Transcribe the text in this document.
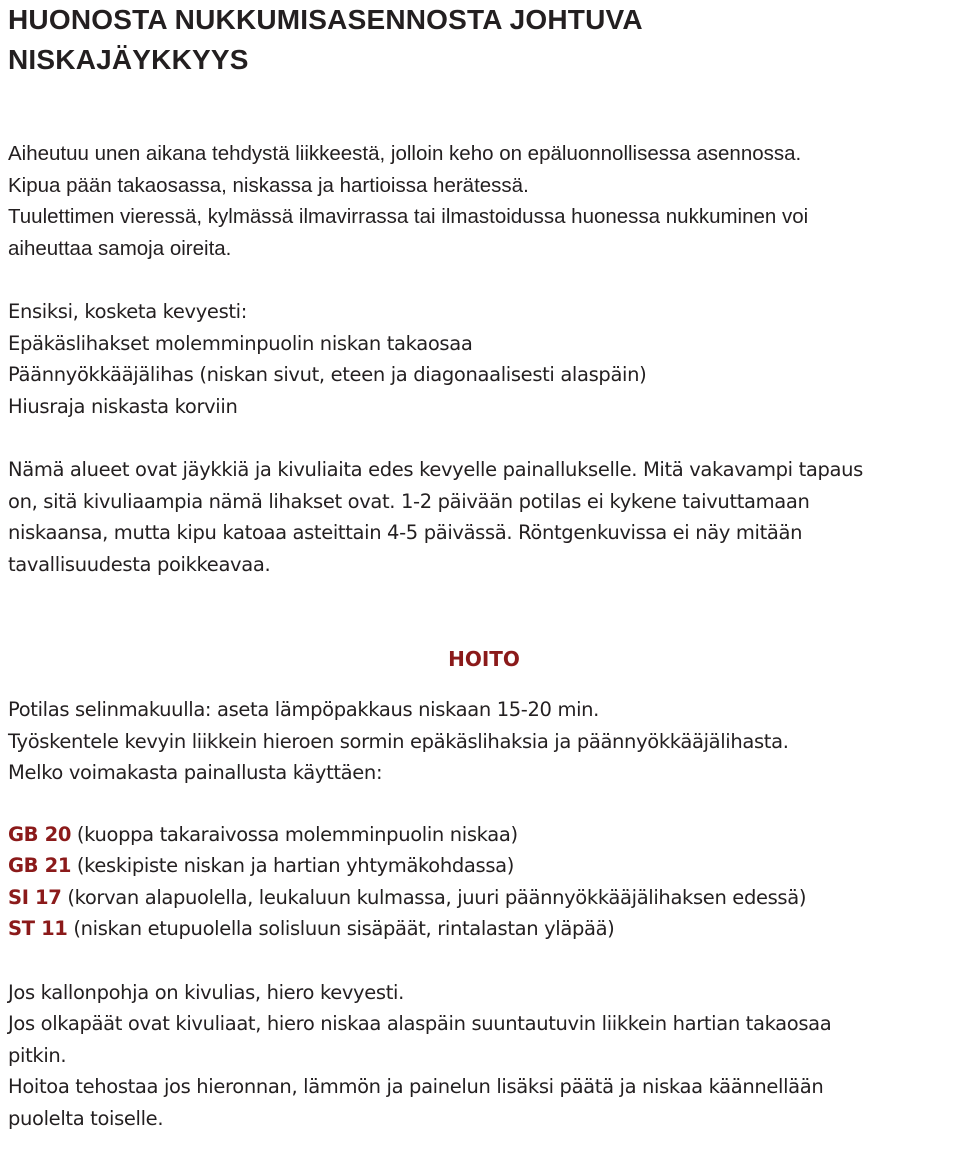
HUONOSTA NUKKUMISASENNOSTA JOHTUVA
NISKAJÄYKKYYS
Aiheutuu unen aikana tehdystä liikkeestä, jolloin keho on epäluonnollisessa asennossa.
Kipua pään takaosassa, niskassa ja hartioissa herätessä.
Tuulettimen vieressä, kylmässä ilmavirrassa tai ilmastoidussa huonessa nukkuminen voi
aiheuttaa samoja oireita.
Ensiksi, kosketa kevyesti:
Epäkäslihakset molemminpuolin niskan takaosaa
Päännyökkääjälihas (niskan sivut, eteen ja diagonaalisesti alaspäin)
Hiusraja niskasta korviin
Nämä alueet ovat jäykkiä ja kivuliaita edes kevyelle painallukselle. Mitä vakavampi tapaus
on, sitä kivuliaampia nämä lihakset ovat. 1-2 päivään potilas ei kykene taivuttamaan
niskaansa, mutta kipu katoaa asteittain 4-5 päivässä. Röntgenkuvissa ei näy mitään
tavallisuudesta poikkeavaa.
HOITO
Potilas selinmakuulla: aseta lämpöpakkaus niskaan 15-20 min.
Työskentele kevyin liikkein hieroen sormin epäkäslihaksia ja päännyökkääjälihasta.
Melko voimakasta painallusta käyttäen:
GB 20 (kuoppa takaraivossa molemminpuolin niskaa)
GB 21 (keskipiste niskan ja hartian yhtymäkohdassa)
SI 17 (korvan alapuolella, leukaluun kulmassa, juuri päännyökkääjälihaksen edessä)
ST 11 (niskan etupuolella solisluun sisäpäät, rintalastan yläpää)
Jos kallonpohja on kivulias, hiero kevyesti.
Jos olkapäät ovat kivuliaat, hiero niskaa alaspäin suuntautuvin liikkein hartian takaosaa
pitkin.
Hoitoa tehostaa jos hieronnan, lämmön ja painelun lisäksi päätä ja niskaa käännellään
puolelta toiselle.
